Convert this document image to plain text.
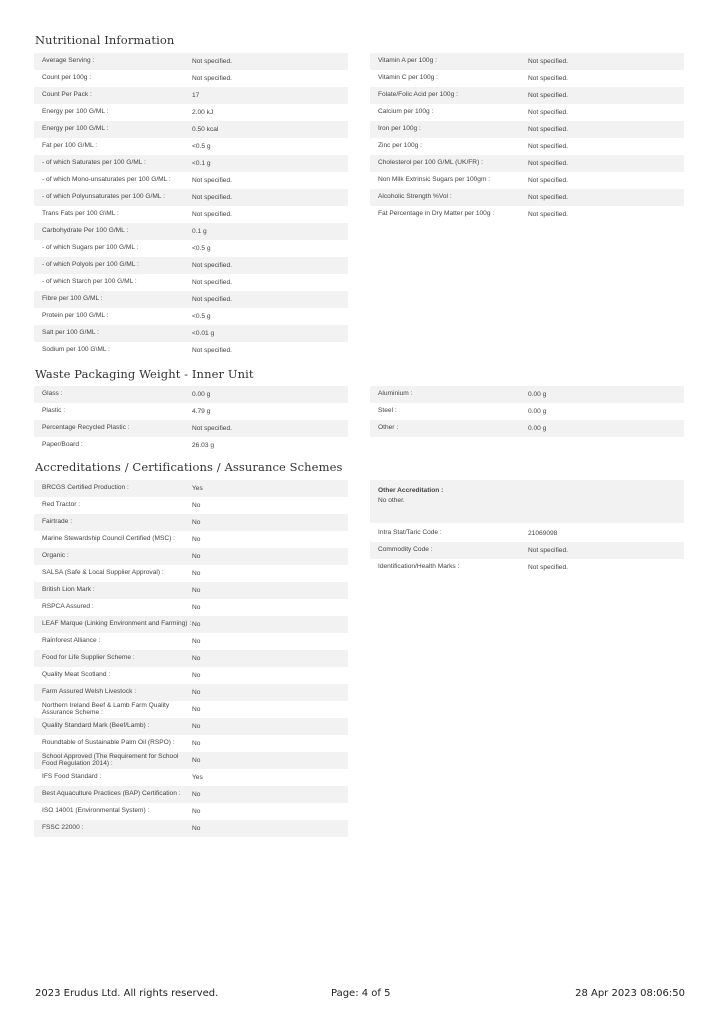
Nutritional Information
Average Serving :	Not specified.
Count per 100g :	Not specified.
Count Per Pack :	17
Energy per 100 G/ML :	2.00 kJ
Energy per 100 G/ML :	0.50 kcal
Fat per 100 G/ML :	<0.5 g
- of which Saturates per 100 G/ML :	<0.1 g
- of which Mono-unsaturates per 100 G/ML :	Not specified.
- of which Polyunsaturates per 100 G/ML :	Not specified.
Trans Fats per 100 G\ML :	Not specified.
Carbohydrate Per 100 G/ML :	0.1 g
- of which Sugars per 100 G/ML :	<0.5 g
- of which Polyols per 100 G/ML :	Not specified.
- of which Starch per 100 G/ML :	Not specified.
Fibre per 100 G/ML :	Not specified.
Protein per 100 G/ML :	<0.5 g
Salt per 100 G/ML :	<0.01 g
Sodium per 100 G\ML :	Not specified.
Vitamin A per 100g :	Not specified.
Vitamin C per 100g :	Not specified.
Folate/Folic Acid per 100g :	Not specified.
Calcium per 100g :	Not specified.
Iron per 100g :	Not specified.
Zinc per 100g :	Not specified.
Cholesterol per 100 G/ML (UK/FR) :	Not specified.
Non Milk Extrinsic Sugars per 100gm :	Not specified.
Alcoholic Strength %Vol :	Not specified.
Fat Percentage in Dry Matter per 100g :	Not specified.
Waste Packaging Weight - Inner Unit
Glass :	0.00 g
Plastic :	4.79 g
Percentage Recycled Plastic :	Not specified.
Paper/Board :	26.03 g
Aluminium :	0.00 g
Steel :	0.00 g
Other :	0.00 g
Accreditations / Certifications / Assurance Schemes
BRCGS Certified Production :	Yes
Red Tractor :	No
Fairtrade :	No
Marine Stewardship Council Certified (MSC) :	No
Organic :	No
SALSA (Safe & Local Supplier Approval) :	No
British Lion Mark :	No
RSPCA Assured :	No
LEAF Marque (Linking Environment and Farming) : No
Rainforest Alliance :	No
Food for Life Supplier Scheme :	No
Quality Meat Scotland :	No
Farm Assured Welsh Livestock :	No
Northern Ireland Beef & Lamb Farm Quality Assurance Scheme :	No
Quality Standard Mark (Beef/Lamb) :	No
Roundtable of Sustainable Palm Oil (RSPO) :	No
School Approved (The Requirement for School Food Regulation 2014) :	No
IFS Food Standard :	Yes
Best Aquaculture Practices (BAP) Certification :	No
ISO 14001 (Environmental System) :	No
FSSC 22000 :	No
Other Accreditation :
No other.
Intra Stat/Taric Code :	21069098
Commodity Code :	Not specified.
Identification/Health Marks :	Not specified.
2023 Erudus Ltd. All rights reserved.	Page: 4 of 5	28 Apr 2023 08:06:50
